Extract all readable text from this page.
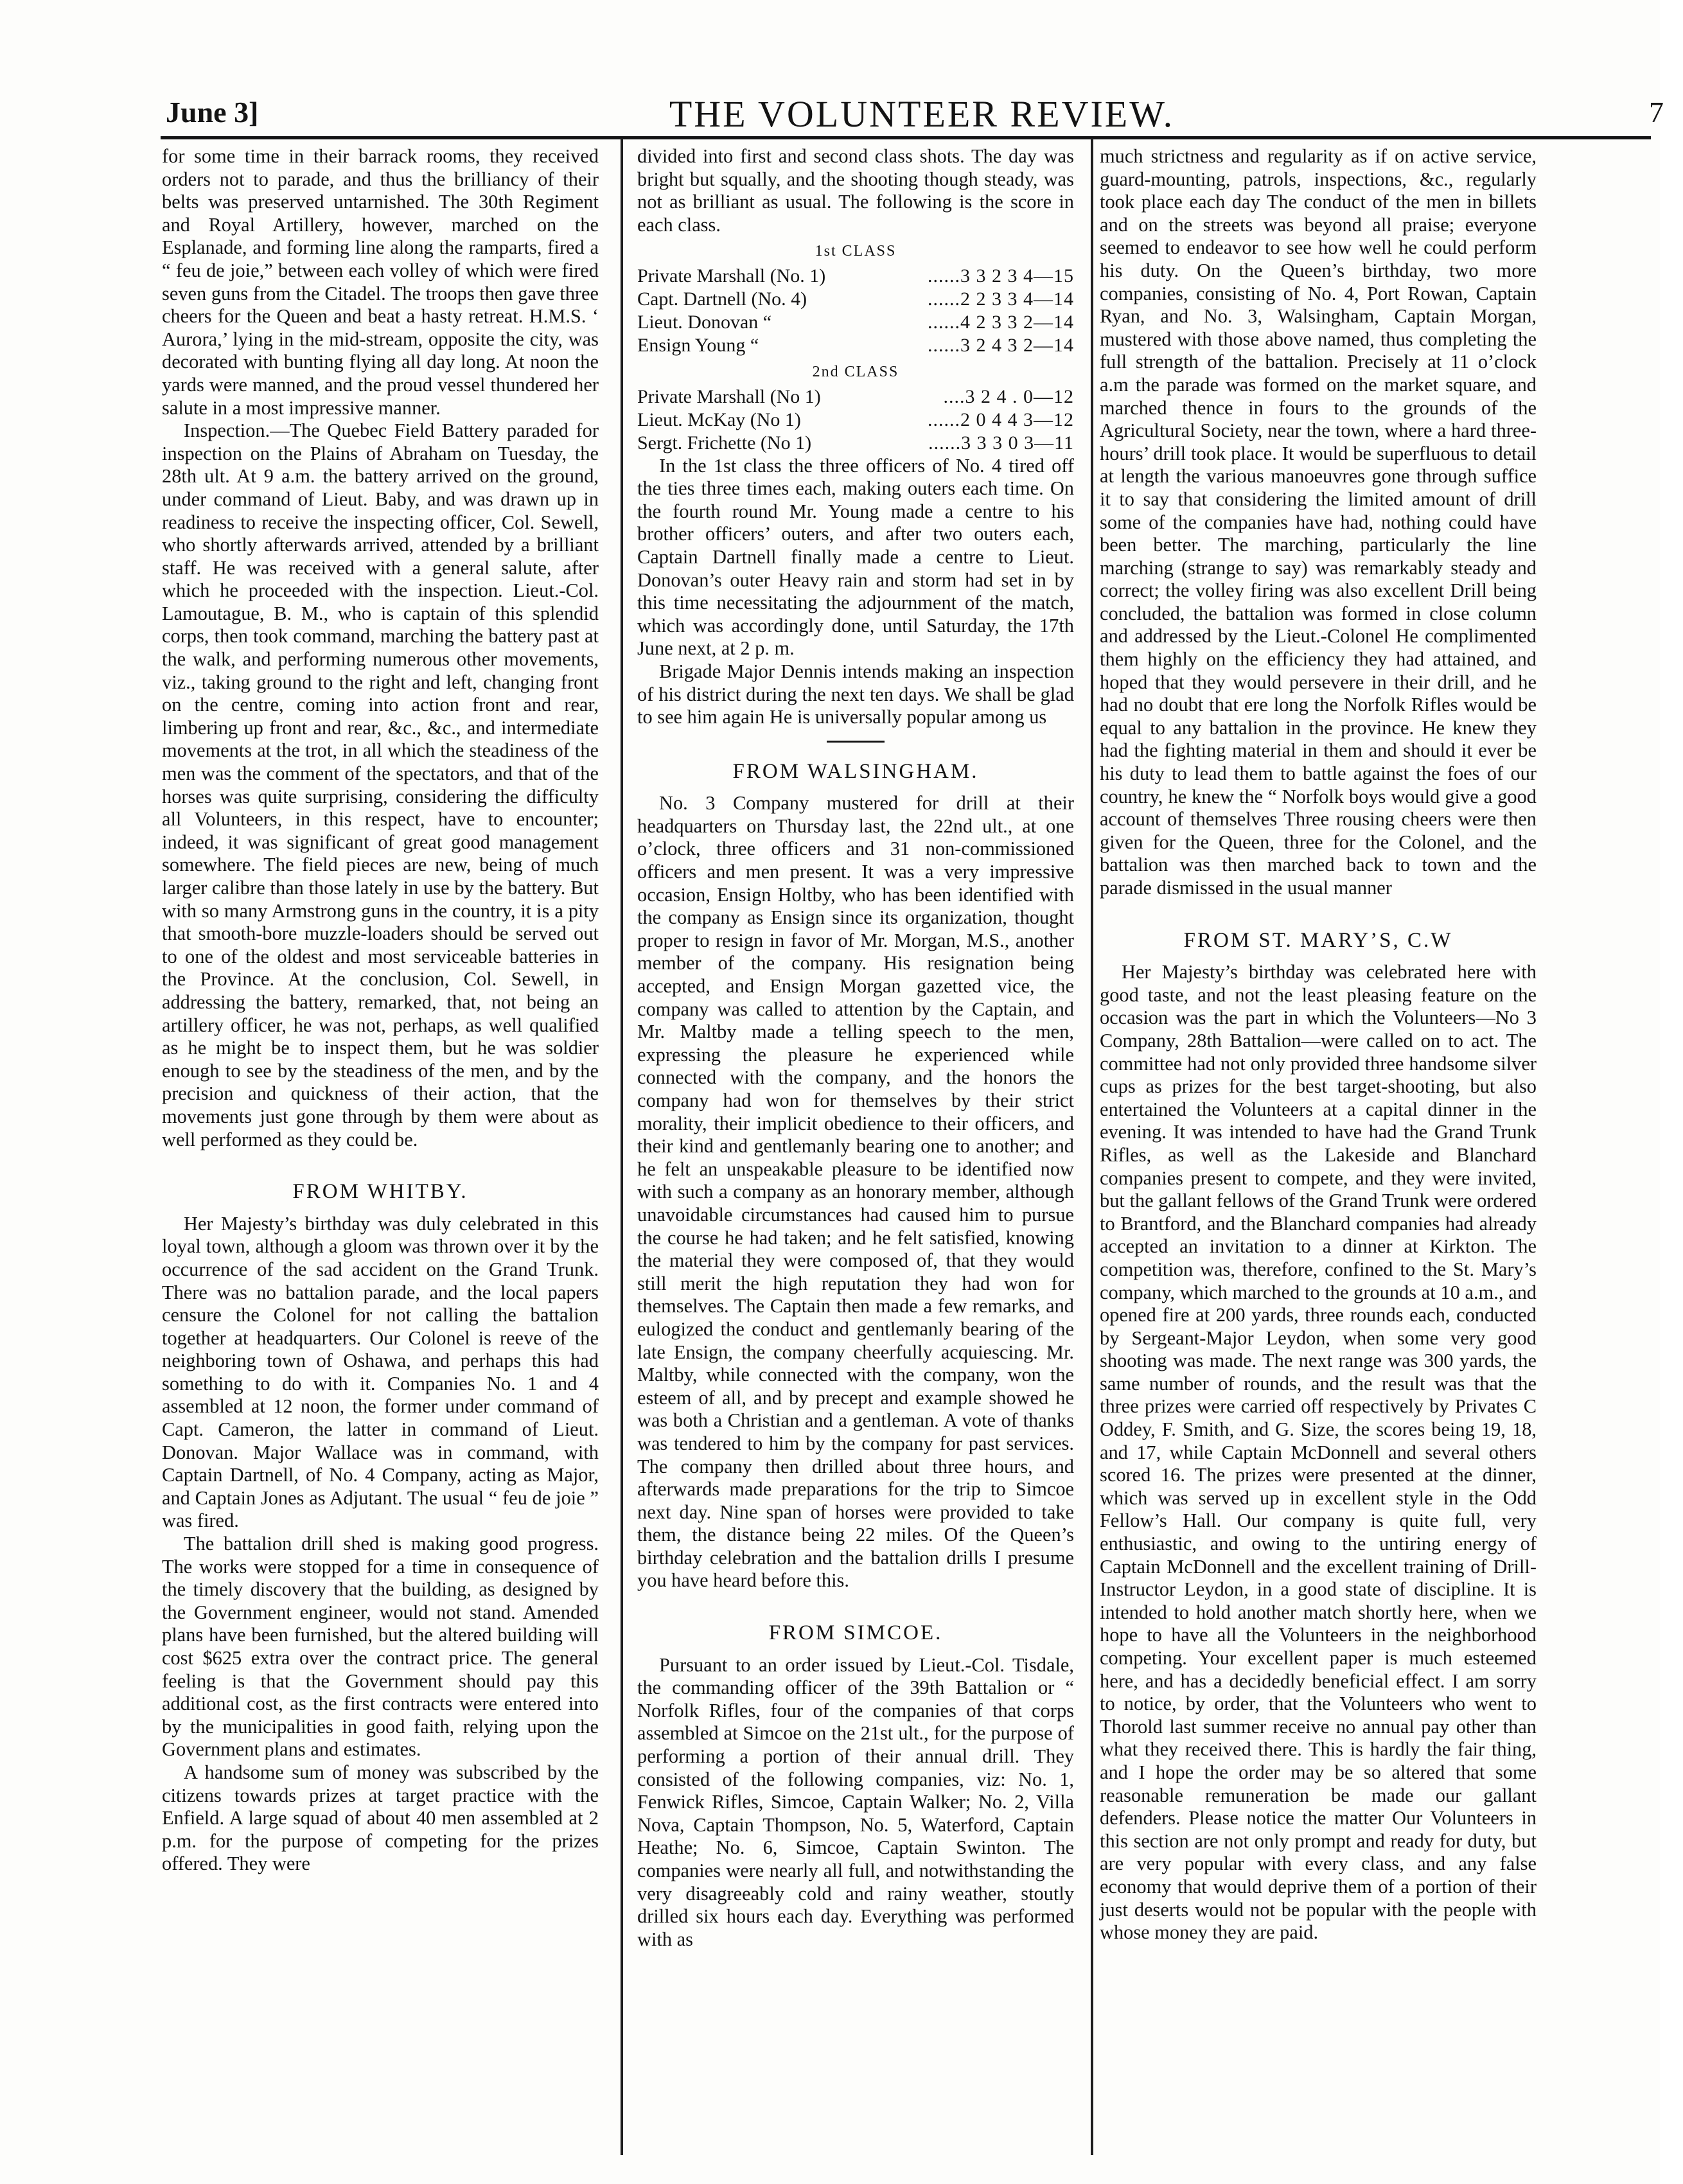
June 3]	THE VOLUNTEER REVIEW.	7

for some time in their barrack rooms, they received orders not to parade, and thus the brilliancy of their belts was preserved untarnished. The 30th Regiment and Royal Artillery, however, marched on the Esplanade, and forming line along the ramparts, fired a “ feu de joie,” between each volley of which were fired seven guns from the Citadel. The troops then gave three cheers for the Queen and beat a hasty retreat. H.M.S. ‘ Aurora,’ lying in the mid-stream, opposite the city, was decorated with bunting flying all day long. At noon the yards were manned, and the proud vessel thundered her salute in a most impressive manner.

Inspection.—The Quebec Field Battery paraded for inspection on the Plains of Abraham on Tuesday, the 28th ult. At 9 a.m. the battery arrived on the ground, under command of Lieut. Baby, and was drawn up in readiness to receive the inspecting officer, Col. Sewell, who shortly afterwards arrived, attended by a brilliant staff. He was received with a general salute, after which he proceeded with the inspection. Lieut.-Col. Lamoutague, B. M., who is captain of this splendid corps, then took command, marching the battery past at the walk, and performing numerous other movements, viz., taking ground to the right and left, changing front on the centre, coming into action front and rear, limbering up front and rear, &c., &c., and intermediate movements at the trot, in all which the steadiness of the men was the comment of the spectators, and that of the horses was quite surprising, considering the difficulty all Volunteers, in this respect, have to encounter; indeed, it was significant of great good management somewhere. The field pieces are new, being of much larger calibre than those lately in use by the battery. But with so many Armstrong guns in the country, it is a pity that smooth-bore muzzle-loaders should be served out to one of the oldest and most serviceable batteries in the Province. At the conclusion, Col. Sewell, in addressing the battery, remarked, that, not being an artillery officer, he was not, perhaps, as well qualified as he might be to inspect them, but he was soldier enough to see by the steadiness of the men, and by the precision and quickness of their action, that the movements just gone through by them were about as well performed as they could be.

FROM WHITBY.

Her Majesty’s birthday was duly celebrated in this loyal town, although a gloom was thrown over it by the occurrence of the sad accident on the Grand Trunk. There was no battalion parade, and the local papers censure the Colonel for not calling the battalion together at headquarters. Our Colonel is reeve of the neighboring town of Oshawa, and perhaps this had something to do with it. Companies No. 1 and 4 assembled at 12 noon, the former under command of Capt. Cameron, the latter in command of Lieut. Donovan. Major Wallace was in command, with Captain Dartnell, of No. 4 Company, acting as Major, and Captain Jones as Adjutant. The usual “ feu de joie ” was fired.

The battalion drill shed is making good progress. The works were stopped for a time in consequence of the timely discovery that the building, as designed by the Government engineer, would not stand. Amended plans have been furnished, but the altered building will cost $625 extra over the contract price. The general feeling is that the Government should pay this additional cost, as the first contracts were entered into by the municipalities in good faith, relying upon the Government plans and estimates.

A handsome sum of money was subscribed by the citizens towards prizes at target practice with the Enfield. A large squad of about 40 men assembled at 2 p.m. for the purpose of competing for the prizes offered. They were

divided into first and second class shots. The day was bright but squally, and the shooting though steady, was not as brilliant as usual. The following is the score in each class.

1st CLASS
Private Marshall (No. 1)	......3 3 2 3 4—15
Capt. Dartnell (No. 4)	......2 2 3 3 4—14
Lieut. Donovan “	......4 2 3 3 2—14
Ensign Young “	......3 2 4 3 2—14
2nd CLASS
Private Marshall (No 1)	....3 2 4 . 0—12
Lieut. McKay (No 1)	......2 0 4 4 3—12
Sergt. Frichette (No 1)	......3 3 3 0 3—11

In the 1st class the three officers of No. 4 tired off the ties three times each, making outers each time. On the fourth round Mr. Young made a centre to his brother officers’ outers, and after two outers each, Captain Dartnell finally made a centre to Lieut. Donovan’s outer Heavy rain and storm had set in by this time necessitating the adjournment of the match, which was accordingly done, until Saturday, the 17th June next, at 2 p. m.

Brigade Major Dennis intends making an inspection of his district during the next ten days. We shall be glad to see him again He is universally popular among us

FROM WALSINGHAM.

No. 3 Company mustered for drill at their headquarters on Thursday last, the 22nd ult., at one o’clock, three officers and 31 non-commissioned officers and men present. It was a very impressive occasion, Ensign Holtby, who has been identified with the company as Ensign since its organization, thought proper to resign in favor of Mr. Morgan, M.S., another member of the company. His resignation being accepted, and Ensign Morgan gazetted vice, the company was called to attention by the Captain, and Mr. Maltby made a telling speech to the men, expressing the pleasure he experienced while connected with the company, and the honors the company had won for themselves by their strict morality, their implicit obedience to their officers, and their kind and gentlemanly bearing one to another; and he felt an unspeakable pleasure to be identified now with such a company as an honorary member, although unavoidable circumstances had caused him to pursue the course he had taken; and he felt satisfied, knowing the material they were composed of, that they would still merit the high reputation they had won for themselves. The Captain then made a few remarks, and eulogized the conduct and gentlemanly bearing of the late Ensign, the company cheerfully acquiescing. Mr. Maltby, while connected with the company, won the esteem of all, and by precept and example showed he was both a Christian and a gentleman. A vote of thanks was tendered to him by the company for past services. The company then drilled about three hours, and afterwards made preparations for the trip to Simcoe next day. Nine span of horses were provided to take them, the distance being 22 miles. Of the Queen’s birthday celebration and the battalion drills I presume you have heard before this.

FROM SIMCOE.

Pursuant to an order issued by Lieut.-Col. Tisdale, the commanding officer of the 39th Battalion or “ Norfolk Rifles, four of the companies of that corps assembled at Simcoe on the 21st ult., for the purpose of performing a portion of their annual drill. They consisted of the following companies, viz: No. 1, Fenwick Rifles, Simcoe, Captain Walker; No. 2, Villa Nova, Captain Thompson, No. 5, Waterford, Captain Heathe; No. 6, Simcoe, Captain Swinton. The companies were nearly all full, and notwithstanding the very disagreeably cold and rainy weather, stoutly drilled six hours each day. Everything was performed with as

much strictness and regularity as if on active service, guard-mounting, patrols, inspections, &c., regularly took place each day The conduct of the men in billets and on the streets was beyond all praise; everyone seemed to endeavor to see how well he could perform his duty. On the Queen’s birthday, two more companies, consisting of No. 4, Port Rowan, Captain Ryan, and No. 3, Walsingham, Captain Morgan, mustered with those above named, thus completing the full strength of the battalion. Precisely at 11 o’clock a.m the parade was formed on the market square, and marched thence in fours to the grounds of the Agricultural Society, near the town, where a hard three-hours’ drill took place. It would be superfluous to detail at length the various manoeuvres gone through suffice it to say that considering the limited amount of drill some of the companies have had, nothing could have been better. The marching, particularly the line marching (strange to say) was remarkably steady and correct; the volley firing was also excellent Drill being concluded, the battalion was formed in close column and addressed by the Lieut.-Colonel He complimented them highly on the efficiency they had attained, and hoped that they would persevere in their drill, and he had no doubt that ere long the Norfolk Rifles would be equal to any battalion in the province. He knew they had the fighting material in them and should it ever be his duty to lead them to battle against the foes of our country, he knew the “ Norfolk boys would give a good account of themselves Three rousing cheers were then given for the Queen, three for the Colonel, and the battalion was then marched back to town and the parade dismissed in the usual manner

FROM ST. MARY’S, C.W

Her Majesty’s birthday was celebrated here with good taste, and not the least pleasing feature on the occasion was the part in which the Volunteers—No 3 Company, 28th Battalion—were called on to act. The committee had not only provided three handsome silver cups as prizes for the best target-shooting, but also entertained the Volunteers at a capital dinner in the evening. It was intended to have had the Grand Trunk Rifles, as well as the Lakeside and Blanchard companies present to compete, and they were invited, but the gallant fellows of the Grand Trunk were ordered to Brantford, and the Blanchard companies had already accepted an invitation to a dinner at Kirkton. The competition was, therefore, confined to the St. Mary’s company, which marched to the grounds at 10 a.m., and opened fire at 200 yards, three rounds each, conducted by Sergeant-Major Leydon, when some very good shooting was made. The next range was 300 yards, the same number of rounds, and the result was that the three prizes were carried off respectively by Privates C Oddey, F. Smith, and G. Size, the scores being 19, 18, and 17, while Captain McDonnell and several others scored 16. The prizes were presented at the dinner, which was served up in excellent style in the Odd Fellow’s Hall. Our company is quite full, very enthusiastic, and owing to the untiring energy of Captain McDonnell and the excellent training of Drill-Instructor Leydon, in a good state of discipline. It is intended to hold another match shortly here, when we hope to have all the Volunteers in the neighborhood competing. Your excellent paper is much esteemed here, and has a decidedly beneficial effect. I am sorry to notice, by order, that the Volunteers who went to Thorold last summer receive no annual pay other than what they received there. This is hardly the fair thing, and I hope the order may be so altered that some reasonable remuneration be made our gallant defenders. Please notice the matter Our Volunteers in this section are not only prompt and ready for duty, but are very popular with every class, and any false economy that would deprive them of a portion of their just deserts would not be popular with the people with whose money they are paid.
